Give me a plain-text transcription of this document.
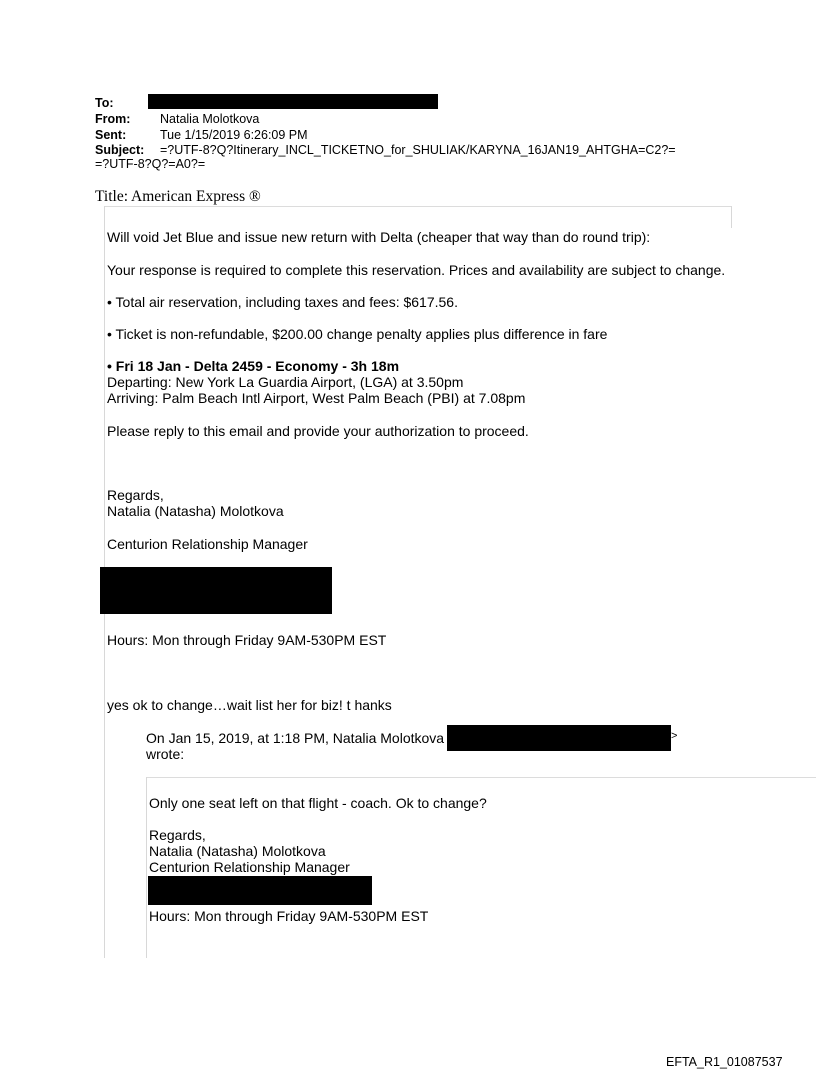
To:
From: Natalia Molotkova
Sent:	Tue 1/15/2019 6:26:09 PM
Subject: =?UTF-8?Q?Itinerary_INCL_TICKETNO_for_SHULIAK/KARYNA_16JAN19_AHTGHA=C2?=
=?UTF-8?Q?=A0?=
Title: American Express ®
Will void Jet Blue and issue new return with Delta (cheaper that way than do round trip):
Your response is required to complete this reservation. Prices and availability are subject to change.
• Total air reservation, including taxes and fees: $617.56.
• Ticket is non-refundable, $200.00 change penalty applies plus difference in fare
• Fri 18 Jan - Delta 2459 - Economy - 3h 18m
Departing: New York La Guardia Airport, (LGA) at 3.50pm
Arriving: Palm Beach Intl Airport, West Palm Beach (PBI) at 7.08pm
Please reply to this email and provide your authorization to proceed.
Regards,
Natalia (Natasha) Molotkova
Centurion Relationship Manager
Hours: Mon through Friday 9AM-530PM EST
yes ok to change…wait list her for biz! t hanks
On Jan 15, 2019, at 1:18 PM, Natalia Molotkova	>
wrote:
Only one seat left on that flight - coach. Ok to change?
Regards,
Natalia (Natasha) Molotkova
Centurion Relationship Manager
Hours: Mon through Friday 9AM-530PM EST
EFTA_R1_01087537
